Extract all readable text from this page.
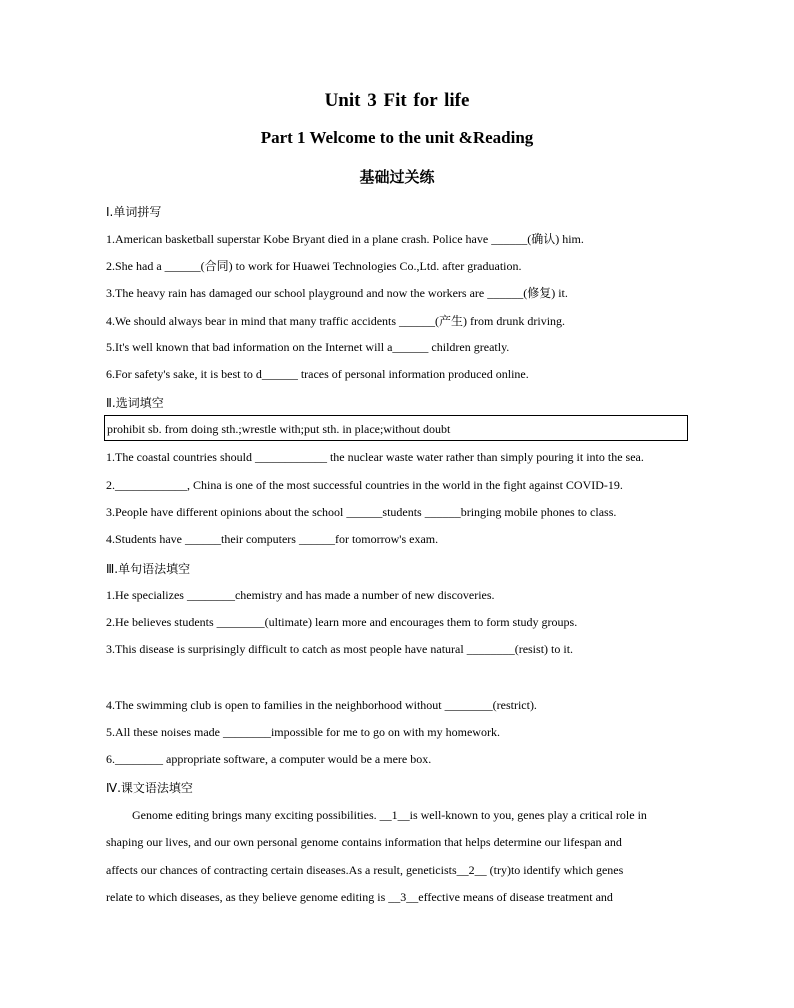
Unit 3 Fit for life
Part 1 Welcome to the unit &Reading
基础过关练
Ⅰ.单词拼写
1.American basketball superstar Kobe Bryant died in a plane crash. Police have ______(确认) him.
2.She had a ______(合同) to work for Huawei Technologies Co.,Ltd. after graduation.
3.The heavy rain has damaged our school playground and now the workers are ______(修复) it.
4.We should always bear in mind that many traffic accidents ______(产生) from drunk driving.
5.It's well known that bad information on the Internet will a______ children greatly.
6.For safety's sake, it is best to d______ traces of personal information produced online.
Ⅱ.选词填空
prohibit sb. from doing sth.;wrestle with;put sth. in place;without doubt
1.The coastal countries should ____________ the nuclear waste water rather than simply pouring it into the sea.
2.____________, China is one of the most successful countries in the world in the fight against COVID-19.
3.People have different opinions about the school ______students ______bringing mobile phones to class.
4.Students have ______their computers ______for tomorrow's exam.
Ⅲ.单句语法填空
1.He specializes ________chemistry and has made a number of new discoveries.
2.He believes students ________(ultimate) learn more and encourages them to form study groups.
3.This disease is surprisingly difficult to catch as most people have natural ________(resist) to it.
4.The swimming club is open to families in the neighborhood without ________(restrict).
5.All these noises made ________impossible for me to go on with my homework.
6.________ appropriate software, a computer would be a mere box.
Ⅳ.课文语法填空
Genome editing brings many exciting possibilities. __1__is well-known to you, genes play a critical role in
shaping our lives, and our own personal genome contains information that helps determine our lifespan and
affects our chances of contracting certain diseases.As a result, geneticists__2__ (try)to identify which genes
relate to which diseases, as they believe genome editing is __3__effective means of disease treatment and
